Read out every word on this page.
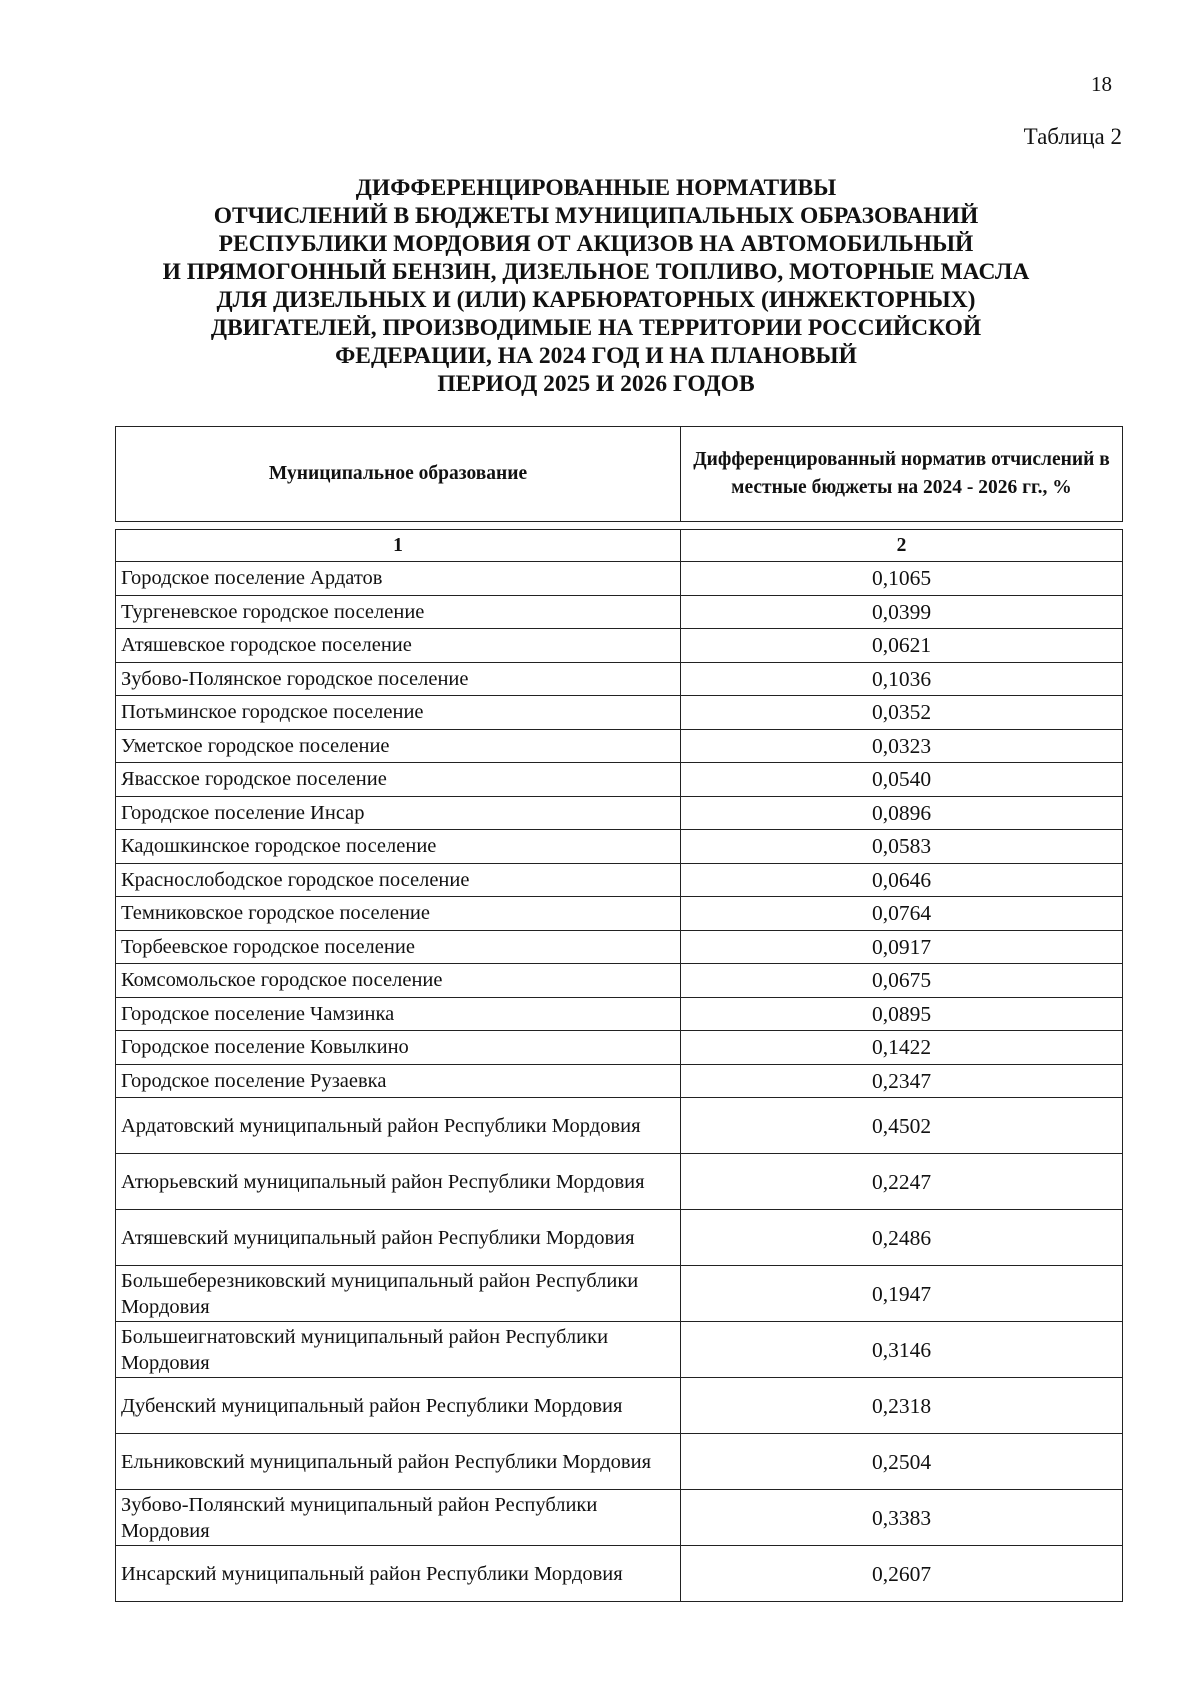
18
Таблица 2
ДИФФЕРЕНЦИРОВАННЫЕ НОРМАТИВЫ
ОТЧИСЛЕНИЙ В БЮДЖЕТЫ МУНИЦИПАЛЬНЫХ ОБРАЗОВАНИЙ
РЕСПУБЛИКИ МОРДОВИЯ ОТ АКЦИЗОВ НА АВТОМОБИЛЬНЫЙ
И ПРЯМОГОННЫЙ БЕНЗИН, ДИЗЕЛЬНОЕ ТОПЛИВО, МОТОРНЫЕ МАСЛА
ДЛЯ ДИЗЕЛЬНЫХ И (ИЛИ) КАРБЮРАТОРНЫХ (ИНЖЕКТОРНЫХ)
ДВИГАТЕЛЕЙ, ПРОИЗВОДИМЫЕ НА ТЕРРИТОРИИ РОССИЙСКОЙ
ФЕДЕРАЦИИ, НА 2024 ГОД И НА ПЛАНОВЫЙ
ПЕРИОД 2025 И 2026 ГОДОВ
Муниципальное образование	Дифференцированный норматив отчислений в местные бюджеты на 2024 - 2026 гг., %
1	2
Городское поселение Ардатов	0,1065
Тургеневское городское поселение	0,0399
Атяшевское городское поселение	0,0621
Зубово-Полянское городское поселение	0,1036
Потьминское городское поселение	0,0352
Уметское городское поселение	0,0323
Явасское городское поселение	0,0540
Городское поселение Инсар	0,0896
Кадошкинское городское поселение	0,0583
Краснослободское городское поселение	0,0646
Темниковское городское поселение	0,0764
Торбеевское городское поселение	0,0917
Комсомольское городское поселение	0,0675
Городское поселение Чамзинка	0,0895
Городское поселение Ковылкино	0,1422
Городское поселение Рузаевка	0,2347
Ардатовский муниципальный район Республики Мордовия	0,4502
Атюрьевский муниципальный район Республики Мордовия	0,2247
Атяшевский муниципальный район Республики Мордовия	0,2486
Большеберезниковский муниципальный район Республики Мордовия	0,1947
Большеигнатовский муниципальный район Республики Мордовия	0,3146
Дубенский муниципальный район Республики Мордовия	0,2318
Ельниковский муниципальный район Республики Мордовия	0,2504
Зубово-Полянский муниципальный район Республики Мордовия	0,3383
Инсарский муниципальный район Республики Мордовия	0,2607
